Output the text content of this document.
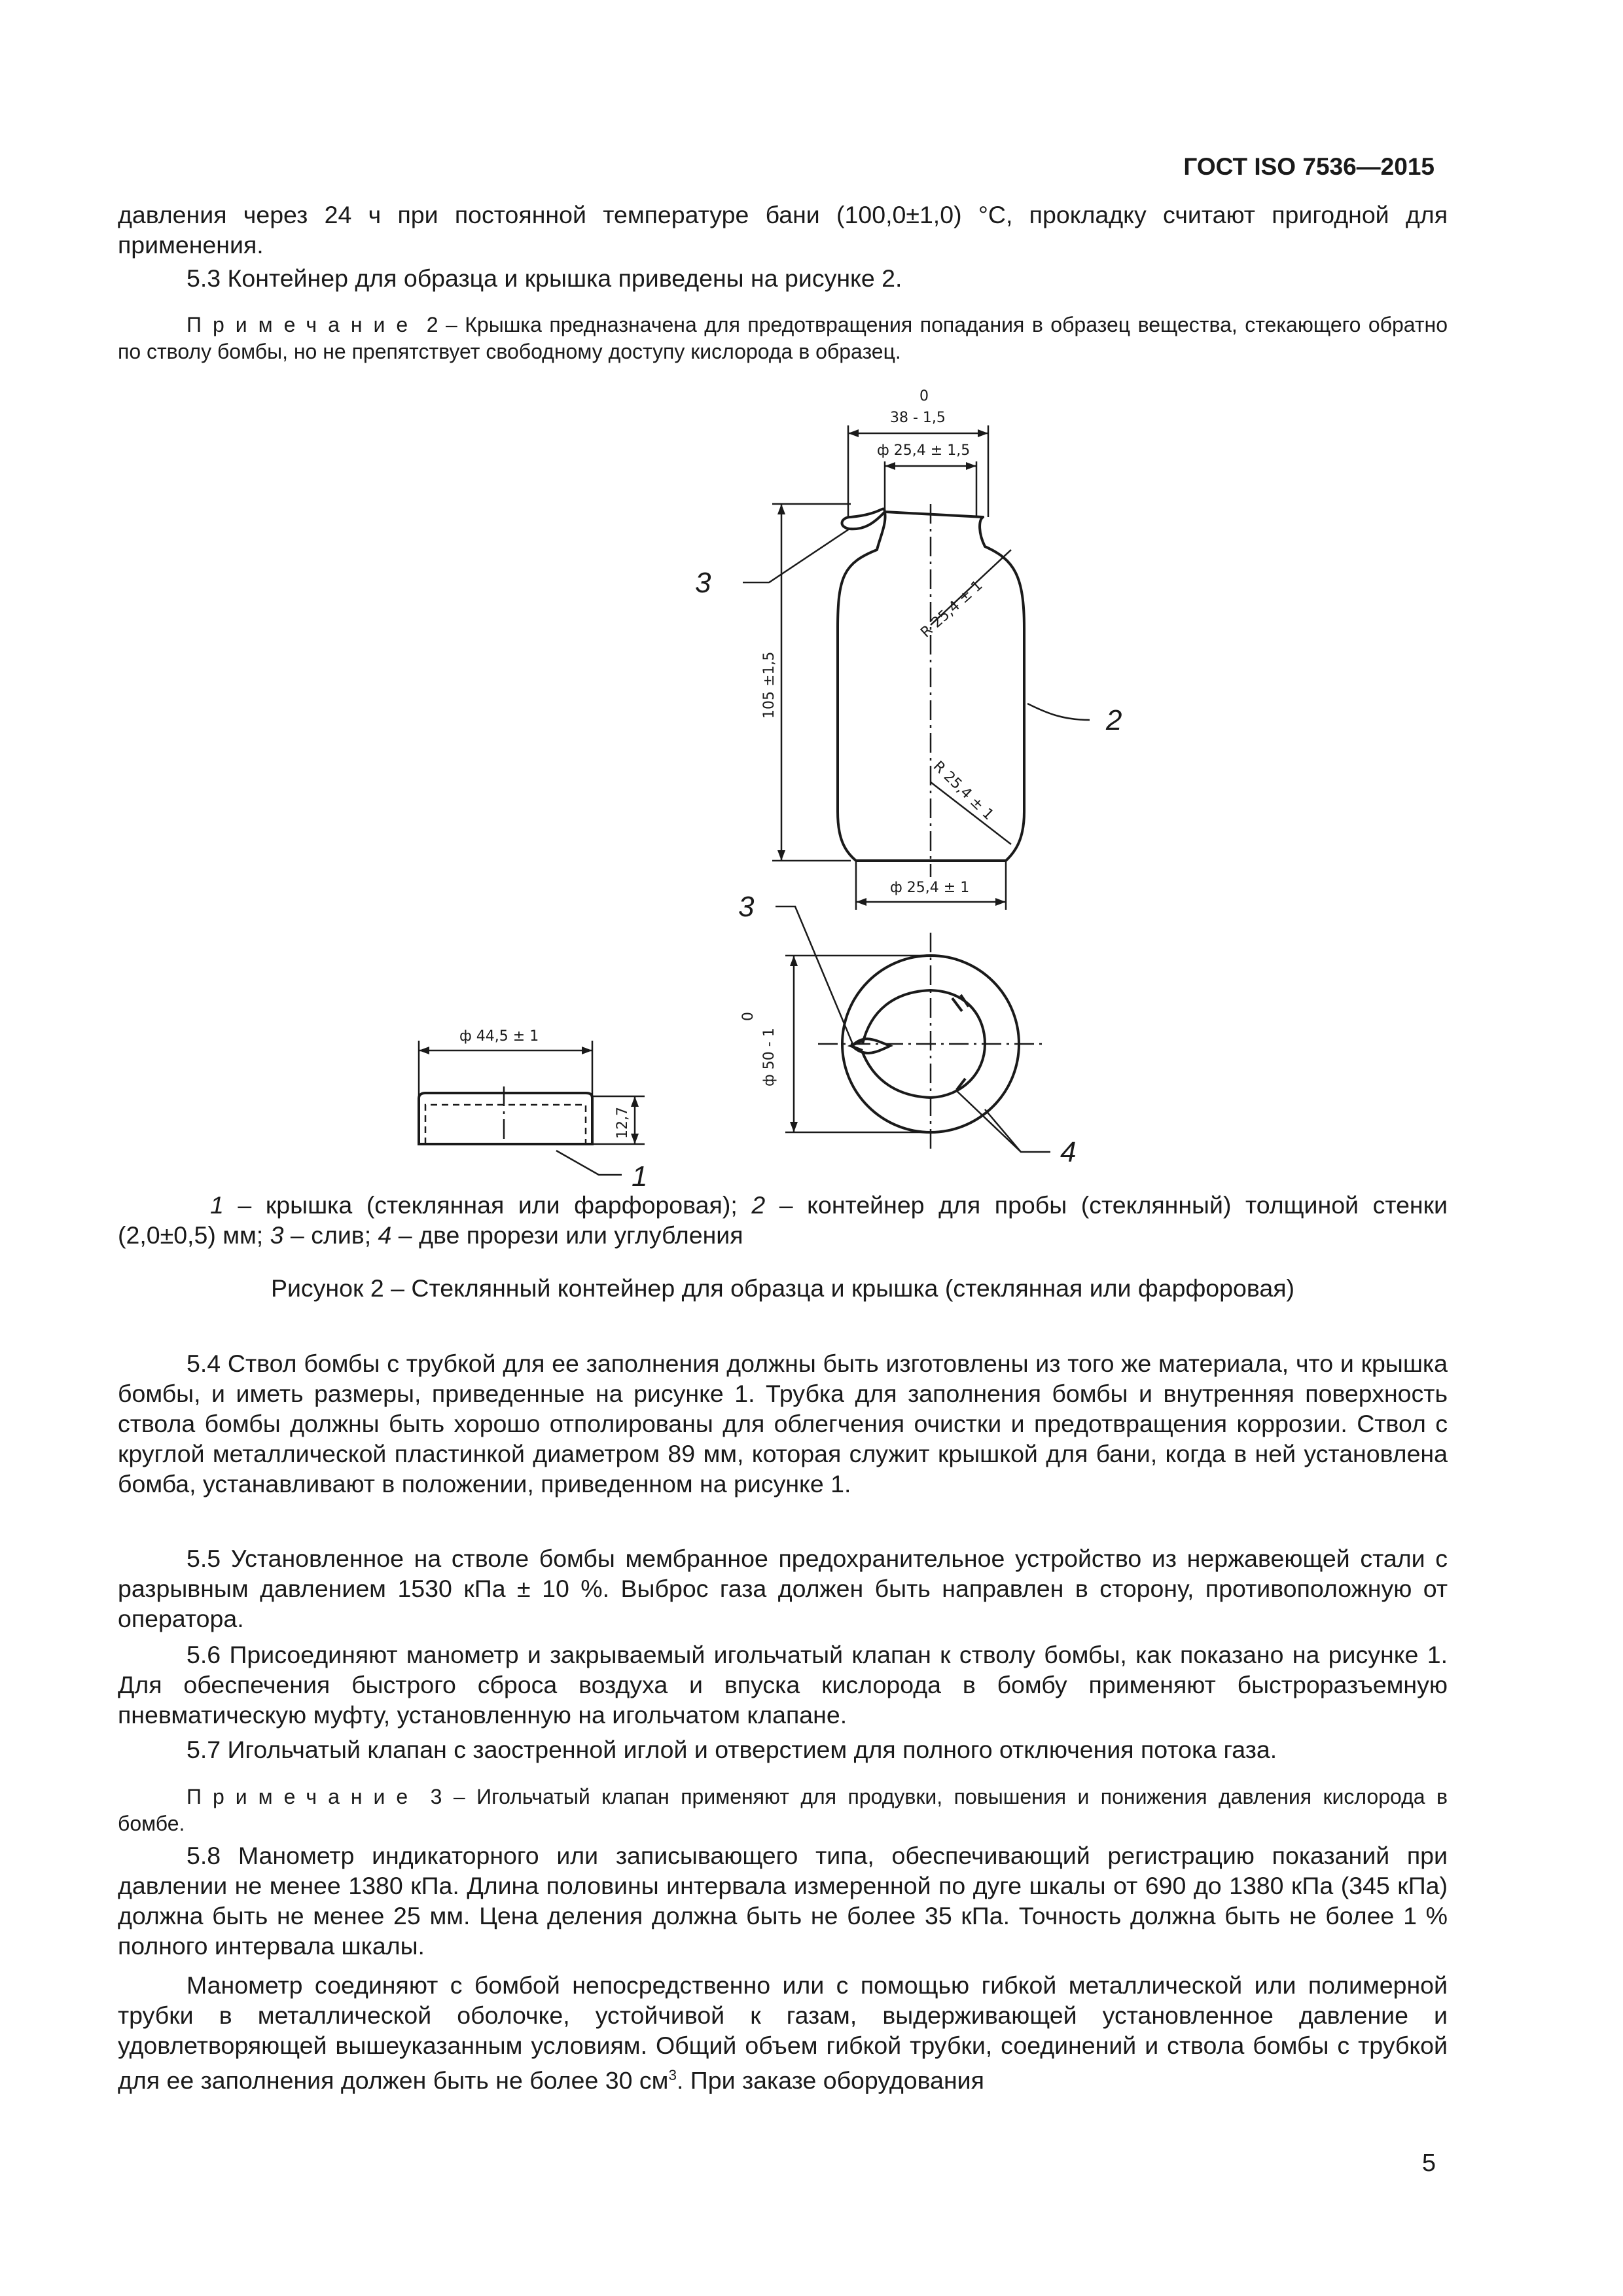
ГОСТ ISO 7536—2015

давления через 24 ч при постоянной температуре бани (100,0±1,0) °С, прокладку считают пригодной для применения.

5.3 Контейнер для образца и крышка приведены на рисунке 2.

Примечание 2 – Крышка предназначена для предотвращения попадания в образец вещества, стекающего обратно по стволу бомбы, но не препятствует свободному доступу кислорода в образец.

0
38 - 1,5
ф 25,4 ± 1,5
ф 25,4 ± 1
ф 44,5 ± 1
105 ±1,5
R 25,4 ± 1
R 25,4 ± 1
12,7
0
ф 50 - 1
3
2
3
4
1

1 – крышка (стеклянная или фарфоровая); 2 – контейнер для пробы (стеклянный) толщиной стенки (2,0±0,5) мм; 3 – слив; 4 – две прорези или углубления

Рисунок 2 – Стеклянный контейнер для образца и крышка (стеклянная или фарфоровая)

5.4 Ствол бомбы с трубкой для ее заполнения должны быть изготовлены из того же материала, что и крышка бомбы, и иметь размеры, приведенные на рисунке 1. Трубка для заполнения бомбы и внутренняя поверхность ствола бомбы должны быть хорошо отполированы для облегчения очистки и предотвращения коррозии. Ствол с круглой металлической пластинкой диаметром 89 мм, которая служит крышкой для бани, когда в ней установлена бомба, устанавливают в положении, приведенном на рисунке 1.

5.5 Установленное на стволе бомбы мембранное предохранительное устройство из нержавеющей стали с разрывным давлением 1530 кПа ± 10 %. Выброс газа должен быть направлен в сторону, противоположную от оператора.

5.6 Присоединяют манометр и закрываемый игольчатый клапан к стволу бомбы, как показано на рисунке 1. Для обеспечения быстрого сброса воздуха и впуска кислорода в бомбу применяют быстроразъемную пневматическую муфту, установленную на игольчатом клапане.

5.7 Игольчатый клапан с заостренной иглой и отверстием для полного отключения потока газа.

Примечание 3 – Игольчатый клапан применяют для продувки, повышения и понижения давления кислорода в бомбе.

5.8 Манометр индикаторного или записывающего типа, обеспечивающий регистрацию показаний при давлении не менее 1380 кПа. Длина половины интервала измеренной по дуге шкалы от 690 до 1380 кПа (345 кПа) должна быть не менее 25 мм. Цена деления должна быть не более 35 кПа. Точность должна быть не более 1 % полного интервала шкалы.

Манометр соединяют с бомбой непосредственно или с помощью гибкой металлической или полимерной трубки в металлической оболочке, устойчивой к газам, выдерживающей установленное давление и удовлетворяющей вышеуказанным условиям. Общий объем гибкой трубки, соединений и ствола бомбы с трубкой для ее заполнения должен быть не более 30 $см^3$. При заказе оборудования

5
